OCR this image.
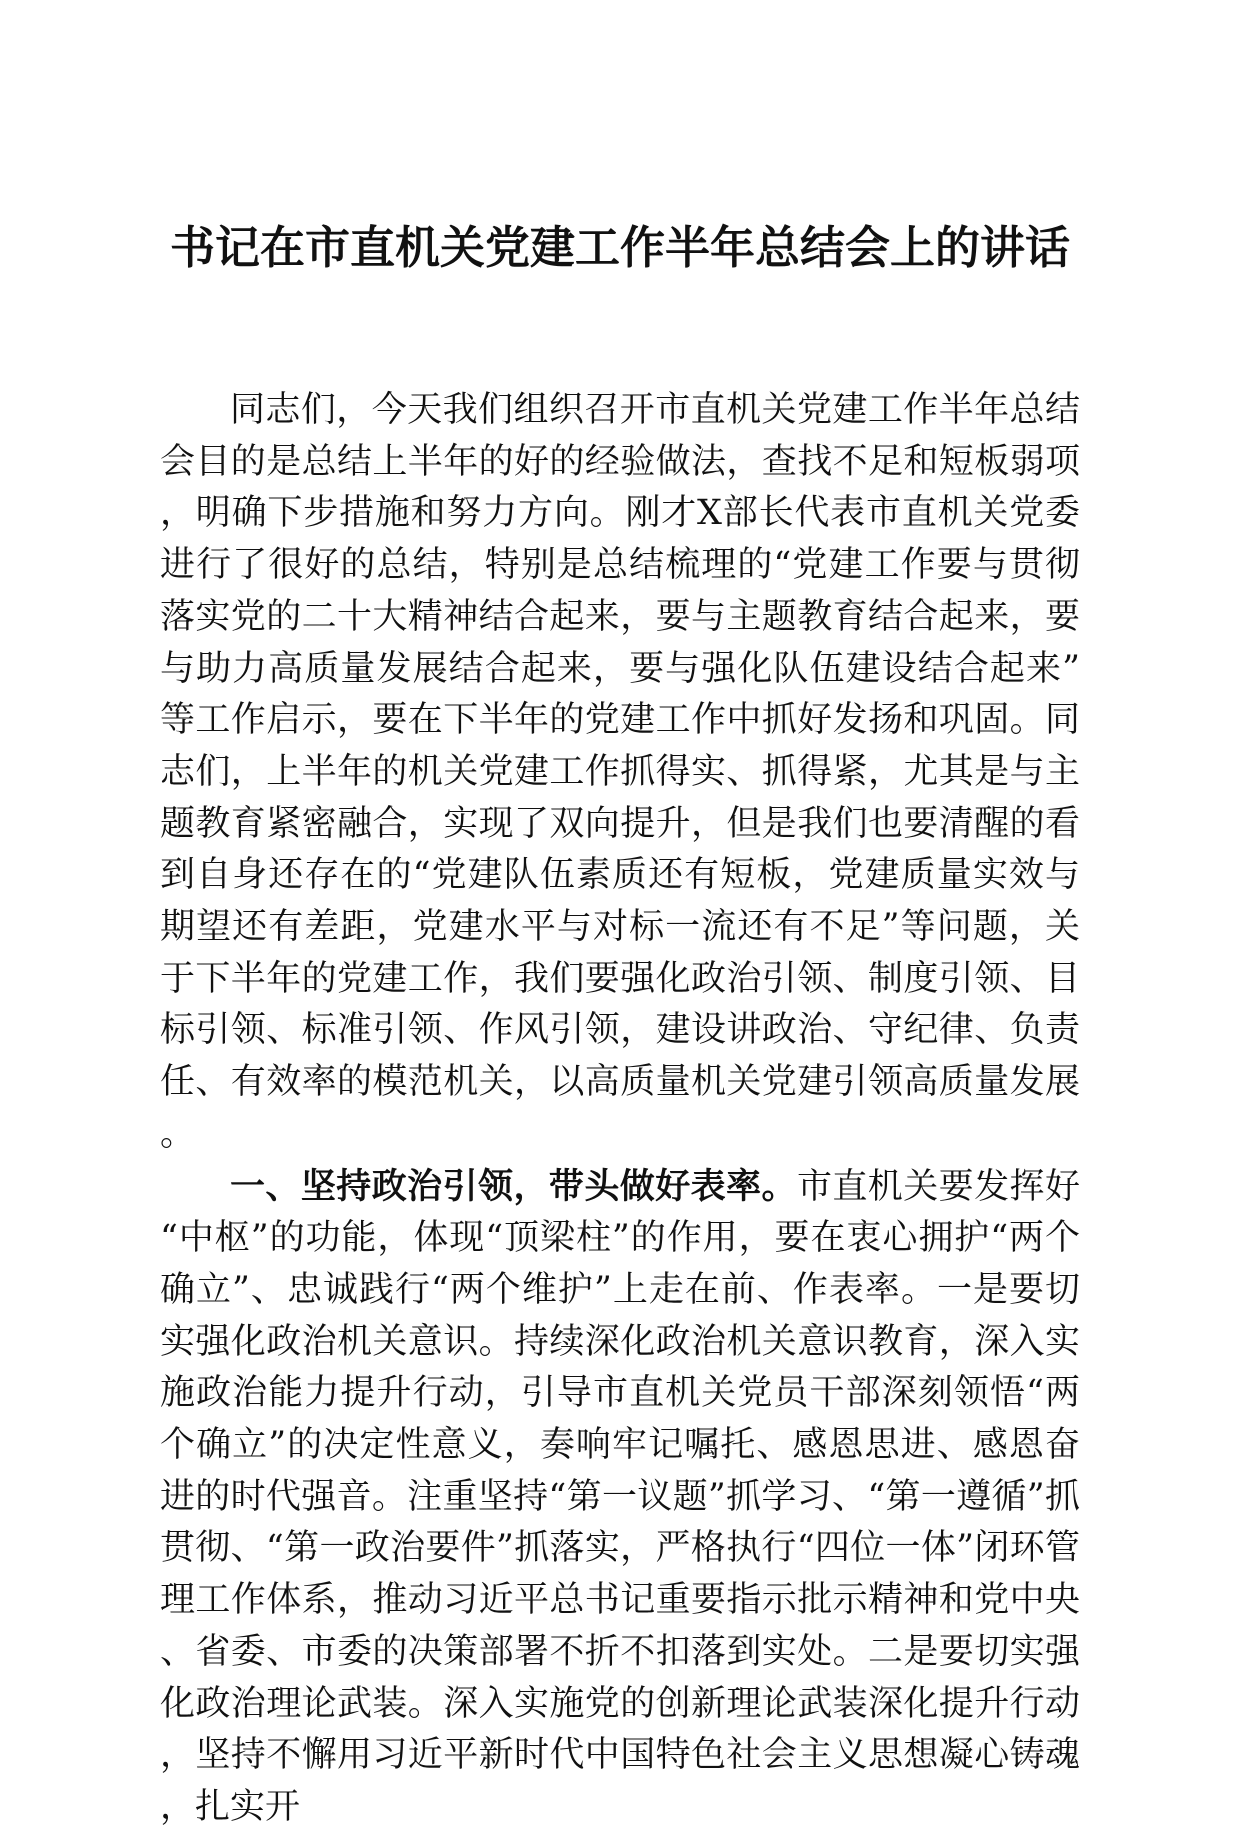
书记在市直机关党建工作半年总结会上的讲话

同志们，今天我们组织召开市直机关党建工作半年总结会目的是总结上半年的好的经验做法，查找不足和短板弱项，明确下步措施和努力方向。刚才X部长代表市直机关党委进行了很好的总结，特别是总结梳理的“党建工作要与贯彻落实党的二十大精神结合起来，要与主题教育结合起来，要与助力高质量发展结合起来，要与强化队伍建设结合起来”等工作启示，要在下半年的党建工作中抓好发扬和巩固。同志们，上半年的机关党建工作抓得实、抓得紧，尤其是与主题教育紧密融合，实现了双向提升，但是我们也要清醒的看到自身还存在的“党建队伍素质还有短板，党建质量实效与期望还有差距，党建水平与对标一流还有不足”等问题，关于下半年的党建工作，我们要强化政治引领、制度引领、目标引领、标准引领、作风引领，建设讲政治、守纪律、负责任、有效率的模范机关，以高质量机关党建引领高质量发展。

一、坚持政治引领，带头做好表率。市直机关要发挥好“中枢”的功能，体现“顶梁柱”的作用，要在衷心拥护“两个确立”、忠诚践行“两个维护”上走在前、作表率。一是要切实强化政治机关意识。持续深化政治机关意识教育，深入实施政治能力提升行动，引导市直机关党员干部深刻领悟“两个确立”的决定性意义，奏响牢记嘱托、感恩思进、感恩奋进的时代强音。注重坚持“第一议题”抓学习、“第一遵循”抓贯彻、“第一政治要件”抓落实，严格执行“四位一体”闭环管理工作体系，推动习近平总书记重要指示批示精神和党中央、省委、市委的决策部署不折不扣落到实处。二是要切实强化政治理论武装。深入实施党的创新理论武装深化提升行动，坚持不懈用习近平新时代中国特色社会主义思想凝心铸魂，扎实开
